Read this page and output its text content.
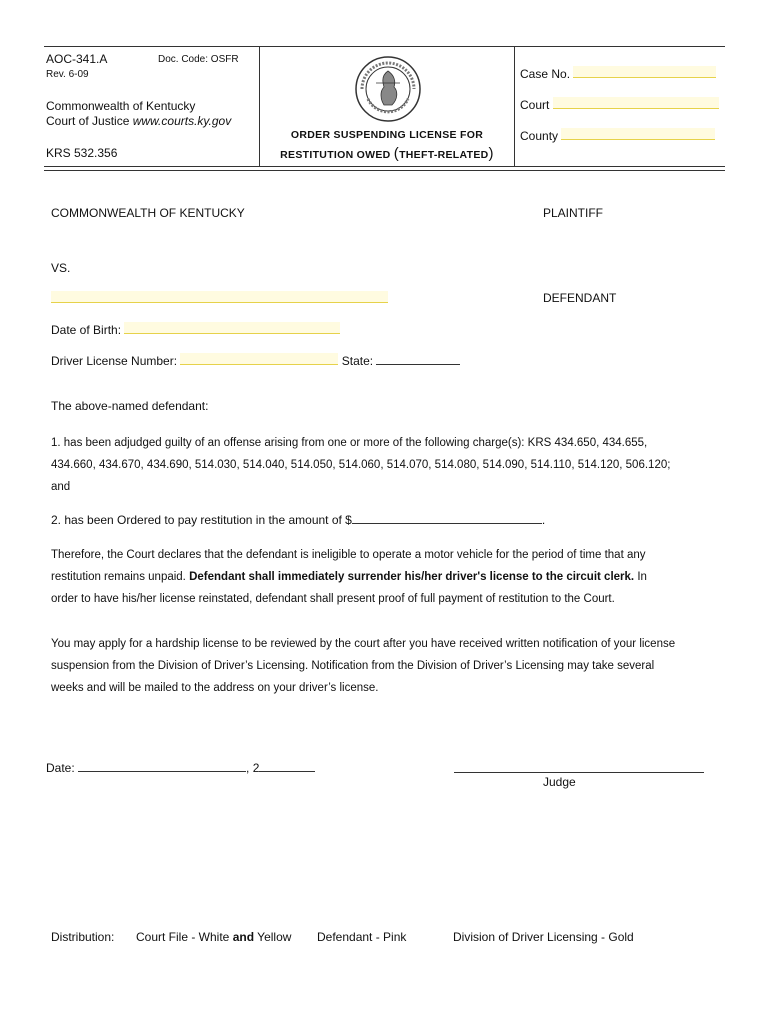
AOC-341.A	Doc. Code: OSFR
Rev. 6-09
Commonwealth of Kentucky
Court of Justice www.courts.ky.gov
KRS 532.356
ORDER SUSPENDING LICENSE FOR
RESTITUTION OWED (THEFT-RELATED)
Case No.
Court
County
COMMONWEALTH OF KENTUCKY	PLAINTIFF
VS.
DEFENDANT
Date of Birth:
Driver License Number:	State:
The above-named defendant:
1. has been adjudged guilty of an offense arising from one or more of the following charge(s): KRS 434.650, 434.655,
434.660, 434.670, 434.690, 514.030, 514.040, 514.050, 514.060, 514.070, 514.080, 514.090, 514.110, 514.120, 506.120;
and
2. has been Ordered to pay restitution in the amount of $	.
Therefore, the Court declares that the defendant is ineligible to operate a motor vehicle for the period of time that any
restitution remains unpaid. Defendant shall immediately surrender his/her driver's license to the circuit clerk. In
order to have his/her license reinstated, defendant shall present proof of full payment of restitution to the Court.
You may apply for a hardship license to be reviewed by the court after you have received written notification of your license
suspension from the Division of Driver’s Licensing. Notification from the Division of Driver’s Licensing may take several
weeks and will be mailed to the address on your driver’s license.
Date:	, 2
Judge
Distribution: Court File - White and Yellow Defendant - Pink	Division of Driver Licensing - Gold
